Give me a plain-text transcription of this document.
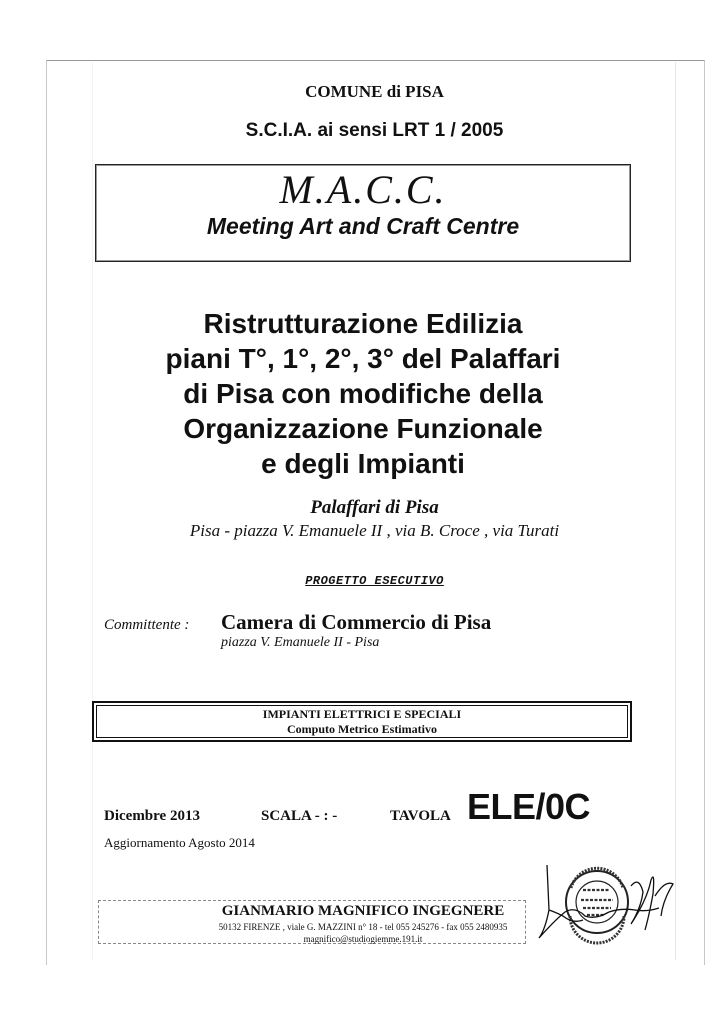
COMUNE di PISA
S.C.I.A. ai sensi LRT 1 / 2005
M.A.C.C.
Meeting Art and Craft Centre
Ristrutturazione Edilizia
piani T°, 1°, 2°, 3° del Palaffari
di Pisa con modifiche della
Organizzazione Funzionale
e degli Impianti
Palaffari di Pisa
Pisa - piazza V. Emanuele II , via B. Croce , via Turati
PROGETTO ESECUTIVO
Committente : Camera di Commercio di Pisa
piazza V. Emanuele II - Pisa
IMPIANTI ELETTRICI E SPECIALI
Computo Metrico Estimativo
Dicembre 2013	SCALA - : -	TAVOLA ELE/0C
Aggiornamento Agosto 2014
GIANMARIO MAGNIFICO INGEGNERE
50132 FIRENZE , viale G. MAZZINI n° 18 - tel 055 245276 - fax 055 2480935
magnifico@studiogiemme.191.it
